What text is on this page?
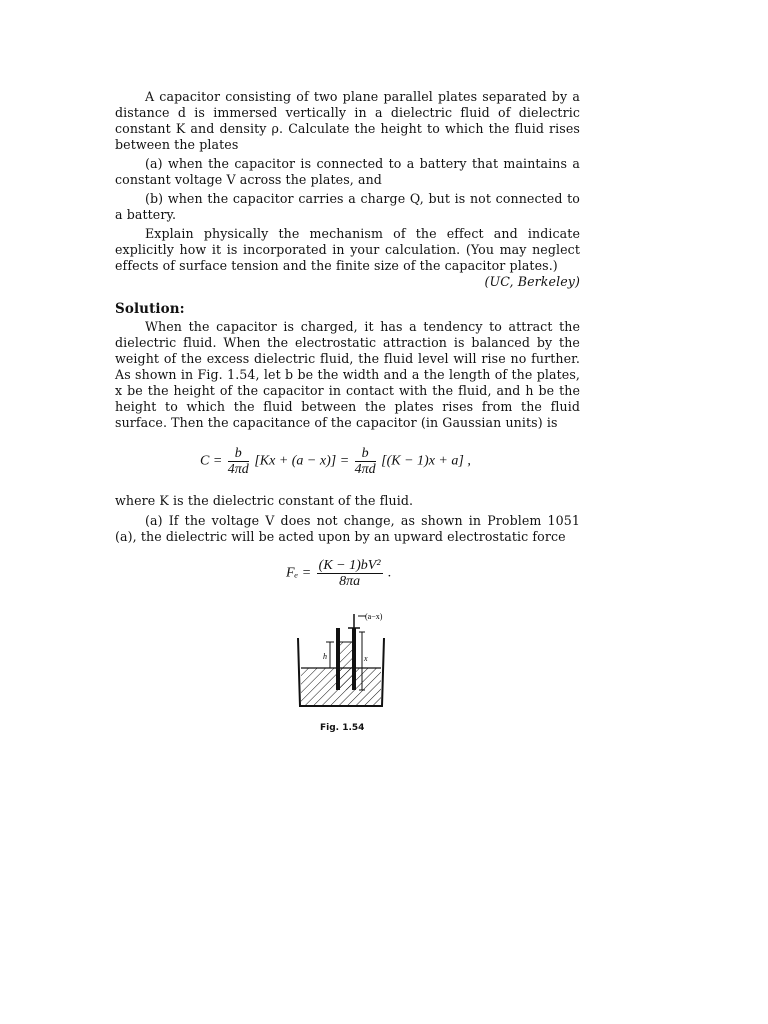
A capacitor consisting of two plane parallel plates separated by a distance d is immersed vertically in a dielectric fluid of dielectric constant K and density ρ. Calculate the height to which the fluid rises between the plates

(a) when the capacitor is connected to a battery that maintains a constant voltage V across the plates, and

(b) when the capacitor carries a charge Q, but is not connected to a battery.

Explain physically the mechanism of the effect and indicate explicitly how it is incorporated in your calculation. (You may neglect effects of surface tension and the finite size of the capacitor plates.)

(UC, Berkeley)

Solution:

When the capacitor is charged, it has a tendency to attract the dielectric fluid. When the electrostatic attraction is balanced by the weight of the excess dielectric fluid, the fluid level will rise no further. As shown in Fig. 1.54, let b be the width and a the length of the plates, x be the height of the capacitor in contact with the fluid, and h be the height to which the fluid between the plates rises from the fluid surface. Then the capacitance of the capacitor (in Gaussian units) is

$C = \frac{b}{4\pi d} [Kx + (a - x)] = \frac{b}{4\pi d} [(K - 1)x + a]$ ,

where K is the dielectric constant of the fluid.

(a) If the voltage V does not change, as shown in Problem 1051 (a), the dielectric will be acted upon by an upward electrostatic force

$F_e = \frac{\text{(K − 1)bV²}}{8\pi a}$ .
h	x
(a−x)
Fig. 1.54
